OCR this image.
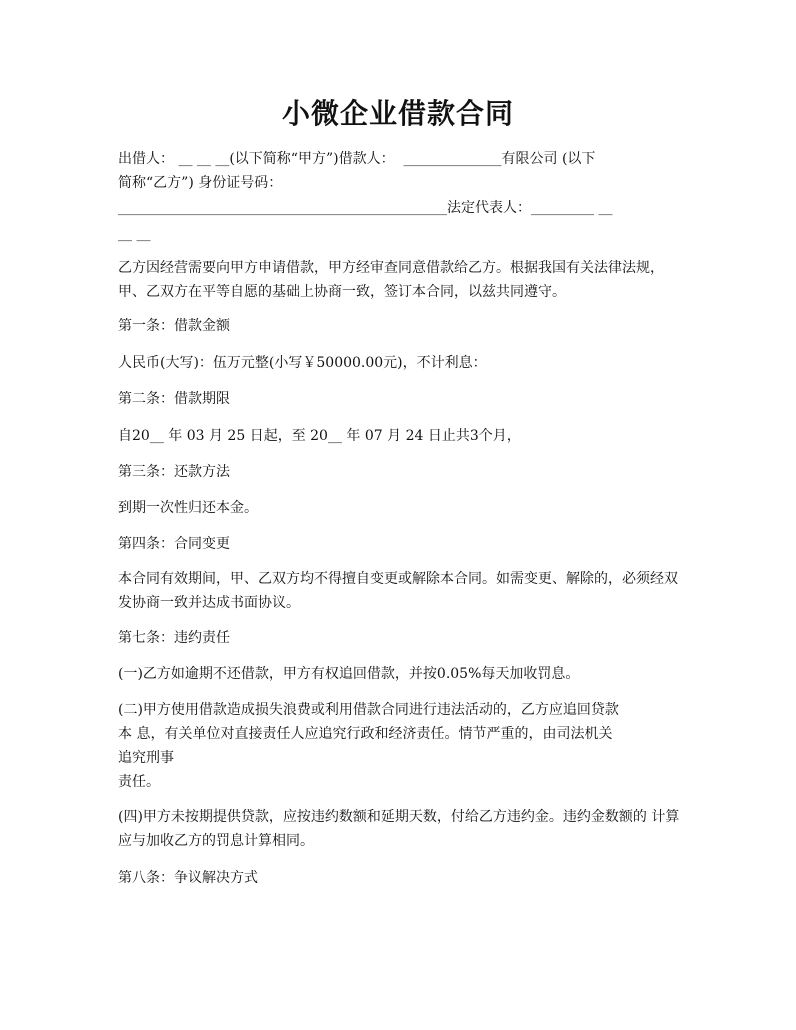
小微企业借款合同

出借人： __ __ __(以下简称“甲方”)借款人：  ______________有限公司 (以下

简称“乙方”) 身份证号码：

_______________________________________________法定代表人：_________ __

__ __

乙方因经营需要向甲方申请借款，甲方经审查同意借款给乙方。根据我国有关法律法规，甲、乙双方在平等自愿的基础上协商一致，签订本合同，以兹共同遵守。

第一条：借款金额

人民币(大写)：伍万元整(小写￥50000.00元)，不计利息：

第二条：借款期限

自20__ 年 03 月 25 日起，至 20__ 年 07 月 24 日止共3个月，

第三条：还款方法

到期一次性归还本金。

第四条：合同变更

本合同有效期间，甲、乙双方均不得擅自变更或解除本合同。如需变更、解除的，必须经双发协商一致并达成书面协议。

第七条：违约责任

(一)乙方如逾期不还借款，甲方有权追回借款，并按0.05%每天加收罚息。

(二)甲方使用借款造成损失浪费或利用借款合同进行违法活动的，乙方应追回贷款

本 息，有关单位对直接责任人应追究行政和经济责任。情节严重的，由司法机关

追究刑事

责任。

(四)甲方未按期提供贷款，应按违约数额和延期天数，付给乙方违约金。违约金数额的 计算应与加收乙方的罚息计算相同。

第八条：争议解决方式
